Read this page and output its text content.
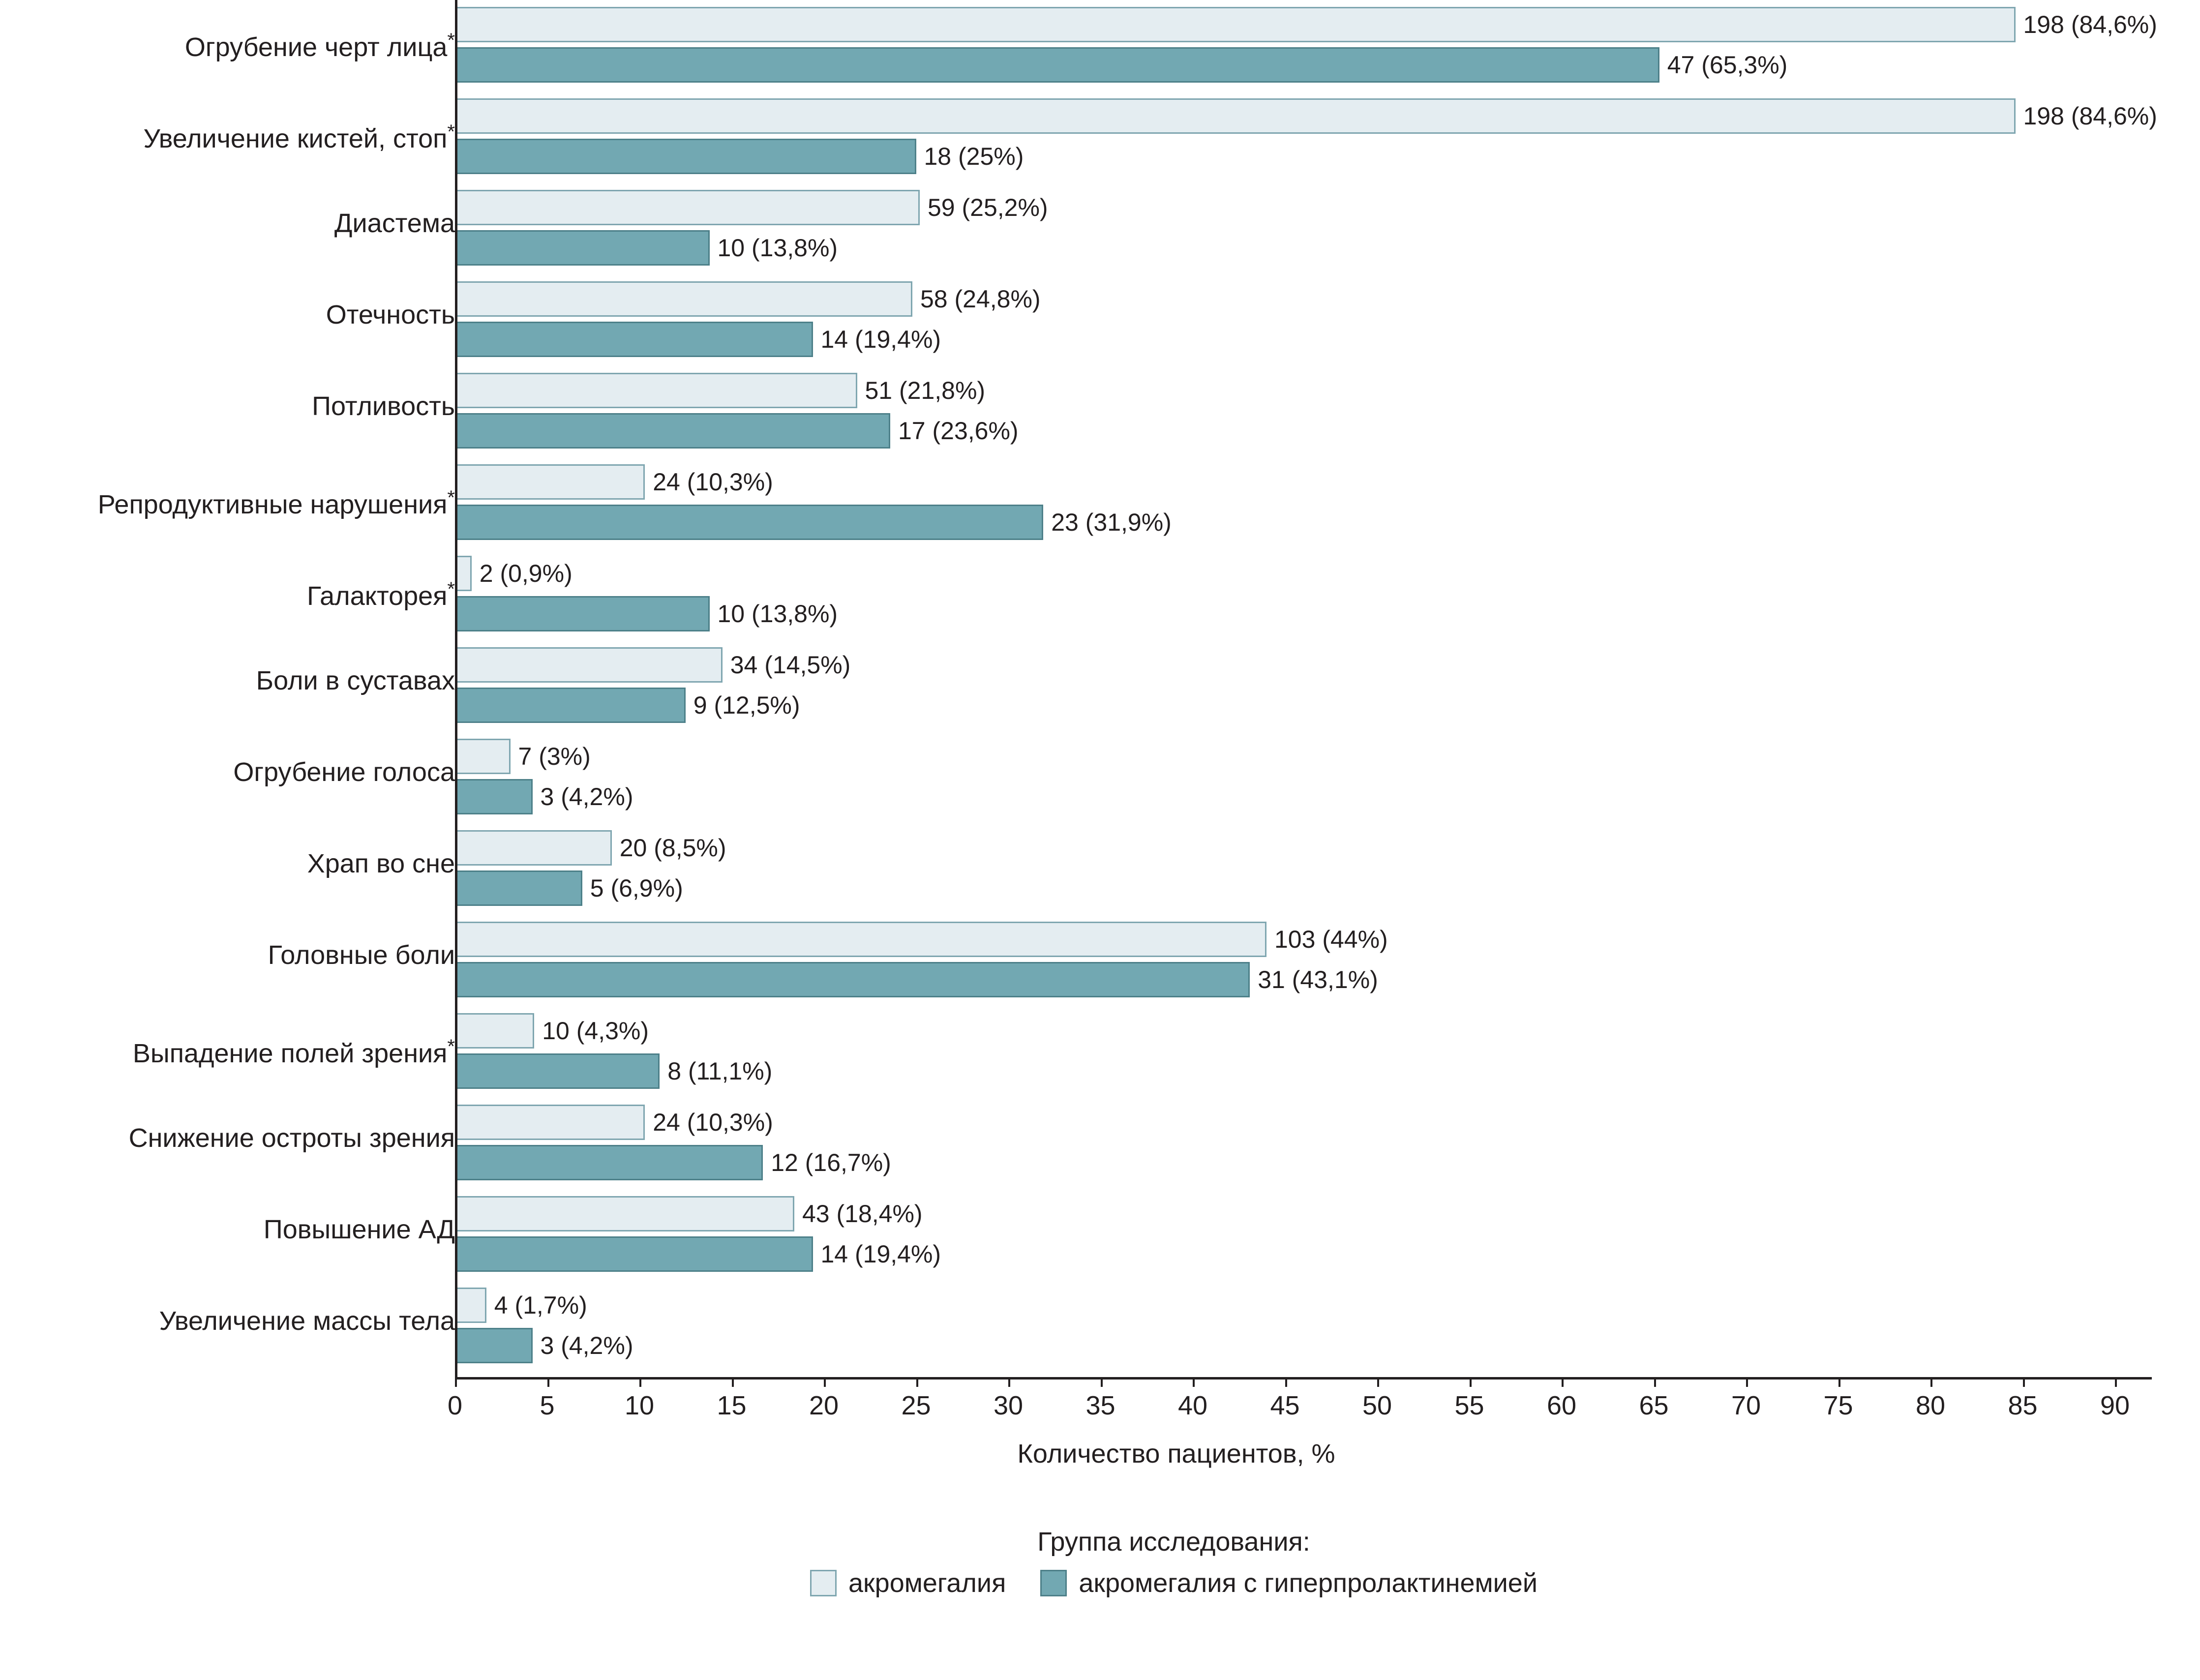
Огрубение черт лица*
198 (84,6%)
47 (65,3%)
Увеличение кистей, стоп*
198 (84,6%)
18 (25%)
Диастема
59 (25,2%)
10 (13,8%)
Отечность
58 (24,8%)
14 (19,4%)
Потливость
51 (21,8%)
17 (23,6%)
Репродуктивные нарушения*
24 (10,3%)
23 (31,9%)
Галакторея*
2 (0,9%)
10 (13,8%)
Боли в суставах
34 (14,5%)
9 (12,5%)
Огрубение голоса
7 (3%)
3 (4,2%)
Храп во сне
20 (8,5%)
5 (6,9%)
Головные боли
103 (44%)
31 (43,1%)
Выпадение полей зрения*
10 (4,3%)
8 (11,1%)
Снижение остроты зрения
24 (10,3%)
12 (16,7%)
Повышение АД
43 (18,4%)
14 (19,4%)
Увеличение массы тела
4 (1,7%)
3 (4,2%)
0	5	10 15 20 25 30 35 40 45 50 55 60 65 70 75 80 85 90
Количество пациентов, %
Группа исследования:
акромегалия	акромегалия с гиперпролактинемией
